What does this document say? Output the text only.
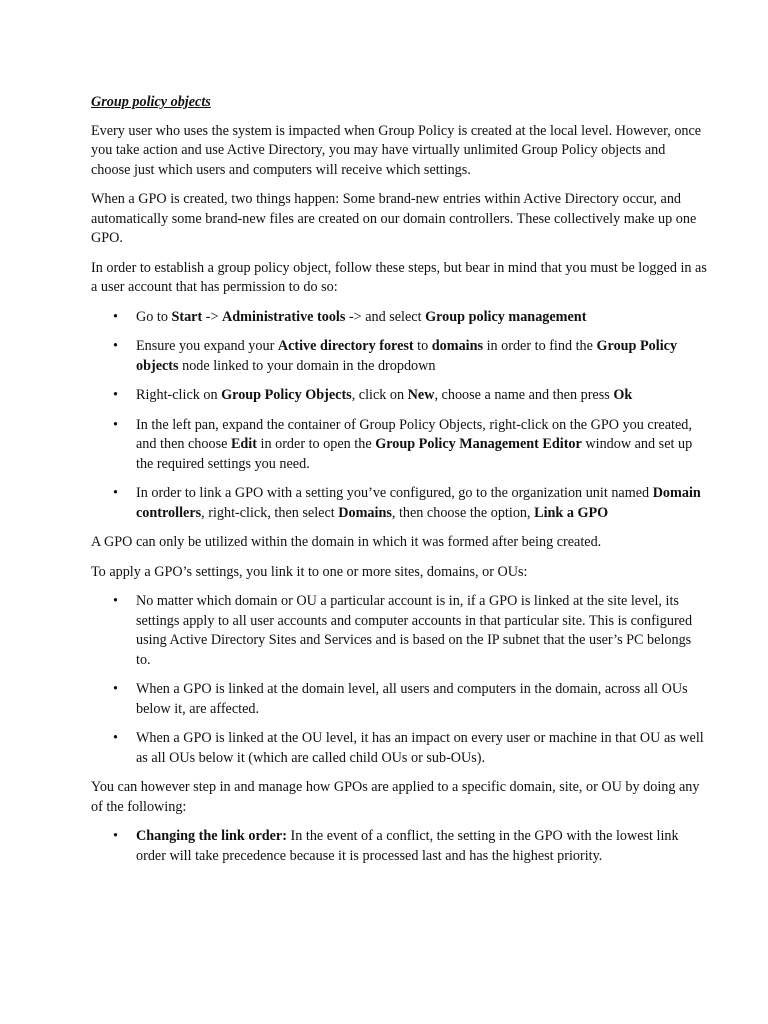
Group policy objects

Every user who uses the system is impacted when Group Policy is created at the local level. However, once you take action and use Active Directory, you may have virtually unlimited Group Policy objects and choose just which users and computers will receive which settings.

When a GPO is created, two things happen: Some brand-new entries within Active Directory occur, and automatically some brand-new files are created on our domain controllers. These collectively make up one GPO.

In order to establish a group policy object, follow these steps, but bear in mind that you must be logged in as a user account that has permission to do so:

• Go to Start -> Administrative tools -> and select Group policy management
• Ensure you expand your Active directory forest to domains in order to find the Group Policy objects node linked to your domain in the dropdown
• Right-click on Group Policy Objects, click on New, choose a name and then press Ok
• In the left pan, expand the container of Group Policy Objects, right-click on the GPO you created, and then choose Edit in order to open the Group Policy Management Editor window and set up the required settings you need.
• In order to link a GPO with a setting you’ve configured, go to the organization unit named Domain controllers, right-click, then select Domains, then choose the option, Link a GPO

A GPO can only be utilized within the domain in which it was formed after being created.

To apply a GPO’s settings, you link it to one or more sites, domains, or OUs:

• No matter which domain or OU a particular account is in, if a GPO is linked at the site level, its settings apply to all user accounts and computer accounts in that particular site. This is configured using Active Directory Sites and Services and is based on the IP subnet that the user’s PC belongs to.
• When a GPO is linked at the domain level, all users and computers in the domain, across all OUs below it, are affected.
• When a GPO is linked at the OU level, it has an impact on every user or machine in that OU as well as all OUs below it (which are called child OUs or sub-OUs).

You can however step in and manage how GPOs are applied to a specific domain, site, or OU by doing any of the following:

• Changing the link order: In the event of a conflict, the setting in the GPO with the lowest link order will take precedence because it is processed last and has the highest priority.
